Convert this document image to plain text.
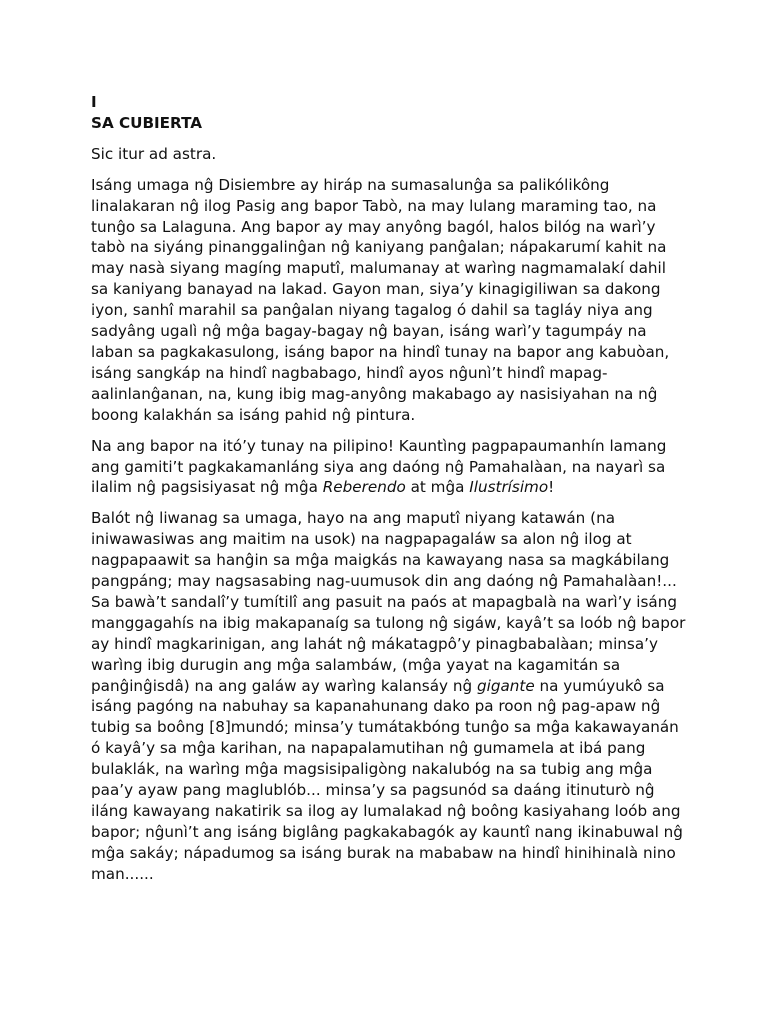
I
SA CUBIERTA

Sic itur ad astra.

Isáng umaga nĝ Disiembre ay hiráp na sumasalunĝa sa palikólikông linalakaran nĝ ilog Pasig ang bapor Tabò, na may lulang maraming tao, na tunĝo sa Lalaguna. Ang bapor ay may anyông bagól, halos bilóg na warì’y tabò na siyáng pinanggalinĝan nĝ kaniyang panĝalan; nápakarumí kahit na may nasà siyang magíng maputî, malumanay at warìng nagmamalakí dahil sa kaniyang banayad na lakad. Gayon man, siya’y kinagigiliwan sa dakong iyon, sanhî marahil sa panĝalan niyang tagalog ó dahil sa tagláy niya ang sadyâng ugalì nĝ mĝa bagay-bagay nĝ bayan, isáng warì’y tagumpáy na laban sa pagkakasulong, isáng bapor na hindî tunay na bapor ang kabuòan, isáng sangkáp na hindî nagbabago, hindî ayos nĝunì’t hindî mapag-aalinlanĝanan, na, kung ibig mag-anyông makabago ay nasisiyahan na nĝ boong kalakhán sa isáng pahid nĝ pintura.

Na ang bapor na itó’y tunay na pilipino! Kauntìng pagpapaumanhín lamang ang gamiti’t pagkakamanláng siya ang daóng nĝ Pamahalàan, na nayarì sa ilalim nĝ pagsisiyasat nĝ mĝa Reberendo at mĝa Ilustrísimo!

Balót nĝ liwanag sa umaga, hayo na ang maputî niyang katawán (na iniwawasiwas ang maitim na usok) na nagpapagaláw sa alon nĝ ilog at nagpapaawit sa hanĝin sa mĝa maigkás na kawayang nasa sa magkábilang pangpáng; may nagsasabing nag-uumusok din ang daóng nĝ Pamahalàan!... Sa bawà’t sandalî’y tumítilî ang pasuit na paós at mapagbalà na warì’y isáng manggagahís na ibig makapanaíg sa tulong nĝ sigáw, kayâ’t sa loób nĝ bapor ay hindî magkarinigan, ang lahát nĝ mákatagpô’y pinagbabalàan; minsa’y warìng ibig durugin ang mĝa salambáw, (mĝa yayat na kagamitán sa panĝinĝisdâ) na ang galáw ay warìng kalansáy nĝ gigante na yumúyukô sa isáng pagóng na nabuhay sa kapanahunang dako pa roon nĝ pag-apaw nĝ tubig sa boông [8]mundó; minsa’y tumátakbóng tunĝo sa mĝa kakawayanán ó kayâ’y sa mĝa karihan, na napapalamutihan nĝ gumamela at ibá pang bulaklák, na warìng mĝa magsisipaligòng nakalubóg na sa tubig ang mĝa paa’y ayaw pang maglublób... minsa’y sa pagsunód sa daáng itinuturò nĝ iláng kawayang nakatirik sa ilog ay lumalakad nĝ boông kasiyahang loób ang bapor; nĝunì’t ang isáng biglâng pagkakabagók ay kauntî nang ikinabuwal nĝ mĝa sakáy; nápadumog sa isáng burak na mababaw na hindî hinihinalà nino man......
